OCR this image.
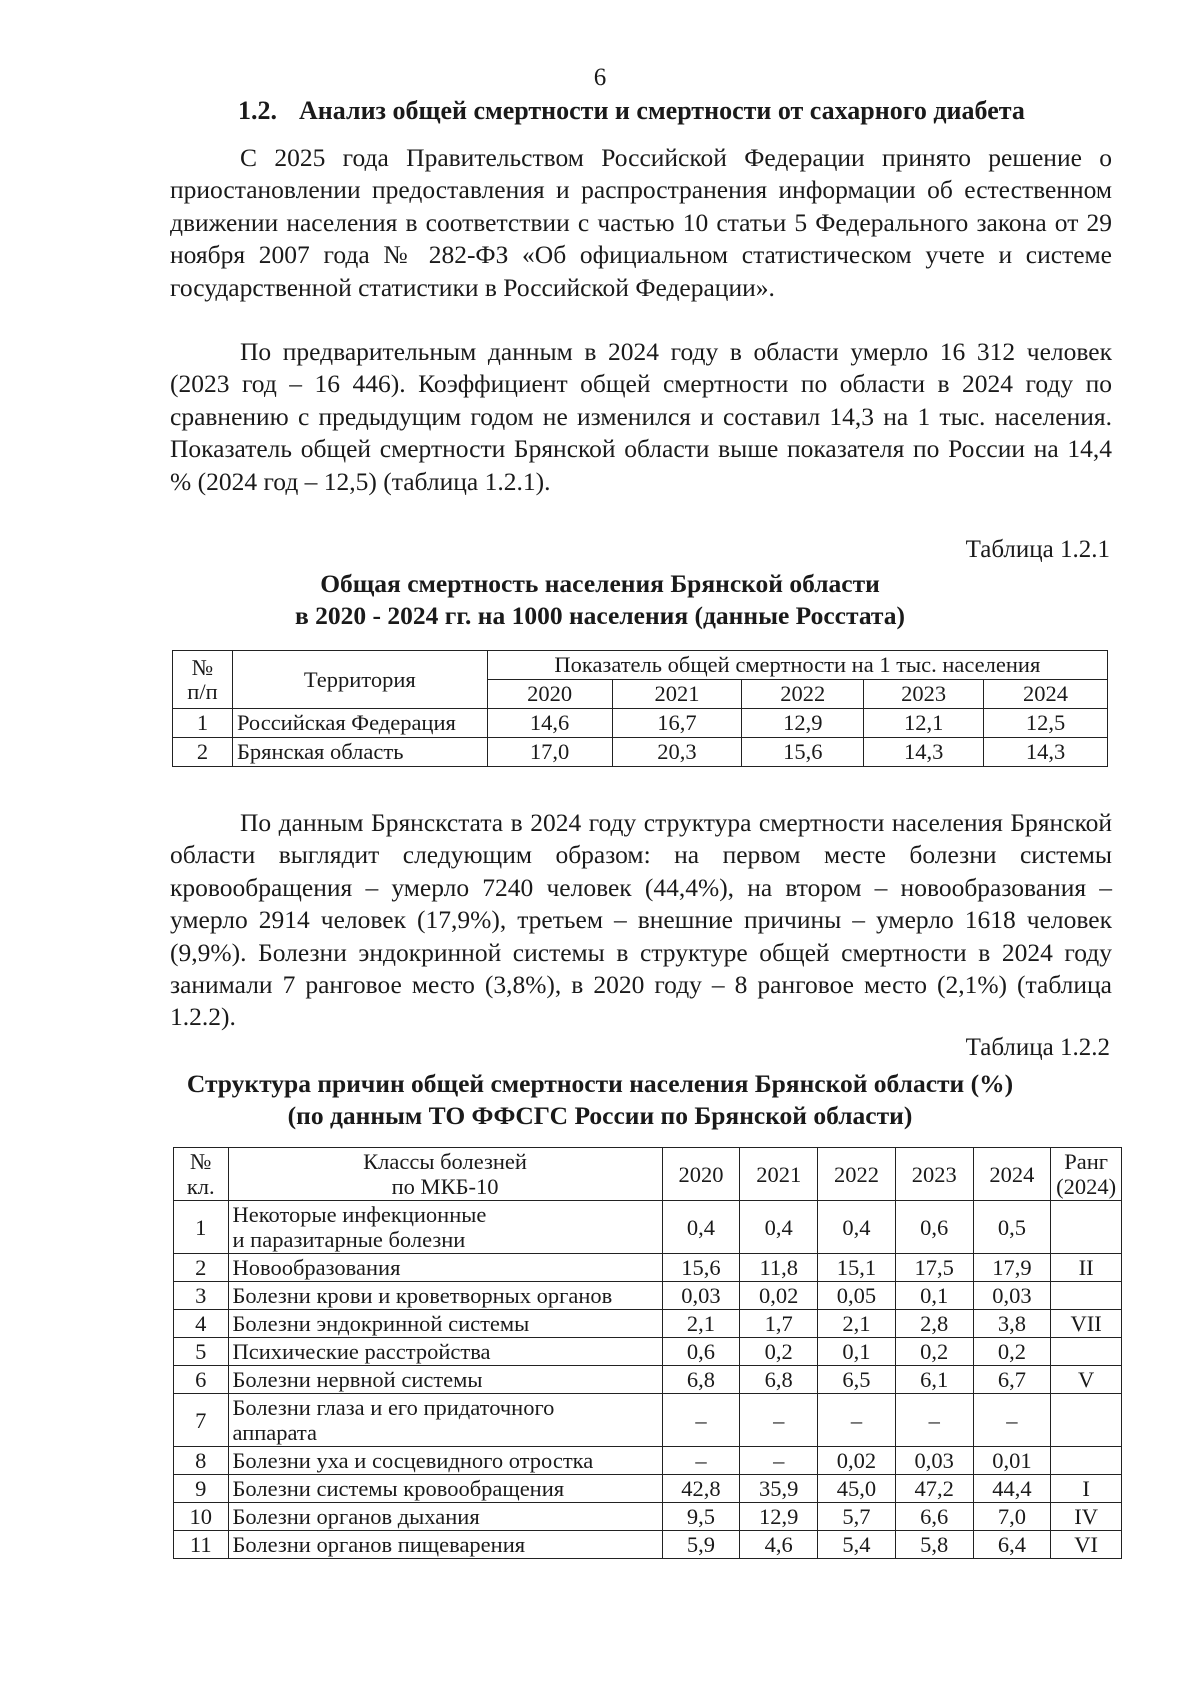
6
1.2. Анализ общей смертности и смертности от сахарного диабета

С 2025 года Правительством Российской Федерации принято решение о приостановлении предоставления и распространения информации об естественном движении населения в соответствии с частью 10 статьи 5 Федерального закона от 29 ноября 2007 года № 282-ФЗ «Об официальном статистическом учете и системе государственной статистики в Российской Федерации».

По предварительным данным в 2024 году в области умерло 16 312 человек (2023 год – 16 446). Коэффициент общей смертности по области в 2024 году по сравнению с предыдущим годом не изменился и составил 14,3 на 1 тыс. населения. Показатель общей смертности Брянской области выше показателя по России на 14,4 % (2024 год – 12,5) (таблица 1.2.1).

Таблица 1.2.1
Общая смертность населения Брянской области
в 2020 - 2024 гг. на 1000 населения (данные Росстата)
№
п/п	Территория	Показатель общей смертности на 1 тыс. населения				
		2020	2021	2022	2023	2024
1	Российская Федерация	14,6	16,7	12,9	12,1	12,5
2	Брянская область	17,0	20,3	15,6	14,3	14,3

По данным Брянскстата в 2024 году структура смертности населения Брянской области выглядит следующим образом: на первом месте болезни системы кровообращения – умерло 7240 человек (44,4%), на втором – новообразования – умерло 2914 человек (17,9%), третьем – внешние причины – умерло 1618 человек (9,9%). Болезни эндокринной системы в структуре общей смертности в 2024 году занимали 7 ранговое место (3,8%), в 2020 году – 8 ранговое место (2,1%) (таблица 1.2.2).

Таблица 1.2.2
Структура причин общей смертности населения Брянской области (%)
(по данным ТО ФФСГС России по Брянской области)
№
кл.	Классы болезней
по МКБ-10	2020	2021	2022	2023	2024	Ранг
(2024)
1	Некоторые инфекционные
и паразитарные болезни	0,4	0,4	0,4	0,6	0,5	
2	Новообразования	15,6	11,8	15,1	17,5	17,9	II
3	Болезни крови и кроветворных органов	0,03	0,02	0,05	0,1	0,03	
4	Болезни эндокринной системы	2,1	1,7	2,1	2,8	3,8	VII
5	Психические расстройства	0,6	0,2	0,1	0,2	0,2	
6	Болезни нервной системы	6,8	6,8	6,5	6,1	6,7	V
7	Болезни глаза и его придаточного
аппарата	–	–	–	–	–	
8	Болезни уха и сосцевидного отростка	–	–	0,02	0,03	0,01	
9	Болезни системы кровообращения	42,8	35,9	45,0	47,2	44,4	I
10	Болезни органов дыхания	9,5	12,9	5,7	6,6	7,0	IV
11	Болезни органов пищеварения	5,9	4,6	5,4	5,8	6,4	VI
